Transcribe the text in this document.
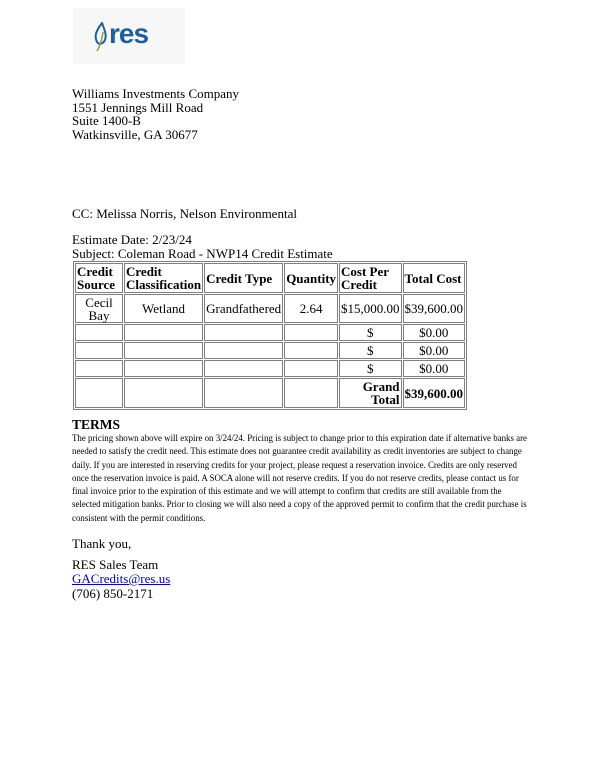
res
Williams Investments Company
1551 Jennings Mill Road
Suite 1400-B
Watkinsville, GA 30677
CC: Melissa Norris, Nelson Environmental
Estimate Date: 2/23/24
Subject: Coleman Road - NWP14 Credit Estimate
Credit Source	Credit Classification	Credit Type	Quantity	Cost Per Credit	Total Cost
Cecil Bay	Wetland	Grandfathered	2.64	$15,000.00	$39,600.00
				$	$0.00
				$	$0.00
				$	$0.00
				Grand Total	$39,600.00
TERMS
The pricing shown above will expire on 3/24/24. Pricing is subject to change prior to this expiration date if alternative banks are
needed to satisfy the credit need. This estimate does not guarantee credit availability as credit inventories are subject to change
daily. If you are interested in reserving credits for your project, please request a reservation invoice. Credits are only reserved
once the reservation invoice is paid. A SOCA alone will not reserve credits. If you do not reserve credits, please contact us for
final invoice prior to the expiration of this estimate and we will attempt to confirm that credits are still available from the
selected mitigation banks. Prior to closing we will also need a copy of the approved permit to confirm that the credit purchase is
consistent with the permit conditions.
Thank you,
RES Sales Team
GACredits@res.us
(706) 850-2171
